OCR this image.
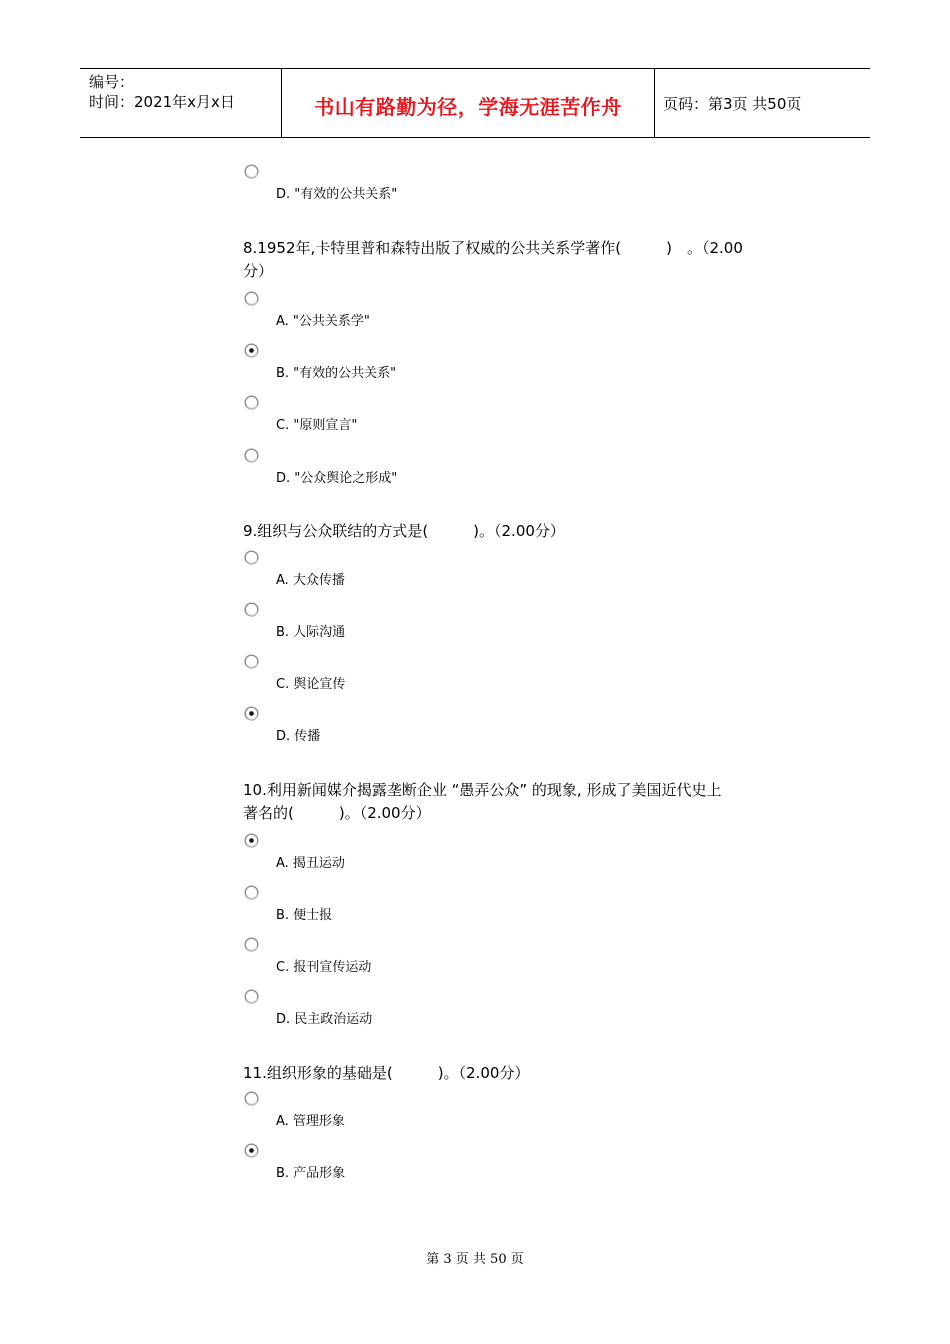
编号：
时间：2021年x月x日	书山有路勤为径，学海无涯苦作舟	页码：第3页 共50页
D. "有效的公共关系"
8.1952年,卡特里普和森特出版了权威的公共关系学著作(　　　)　。（2.00
分）
A. "公共关系学"
B. "有效的公共关系"
C. "原则宣言"
D. "公众舆论之形成"
9.组织与公众联结的方式是(　　　)。（2.00分）
A. 大众传播
B. 人际沟通
C. 舆论宣传
D. 传播
10.利用新闻媒介揭露垄断企业 “愚弄公众” 的现象, 形成了美国近代史上
著名的(　　　)。（2.00分）
A. 揭丑运动
B. 便士报
C. 报刊宣传运动
D. 民主政治运动
11.组织形象的基础是(　　　)。（2.00分）
A. 管理形象
B. 产品形象
第 3 页 共 50 页
